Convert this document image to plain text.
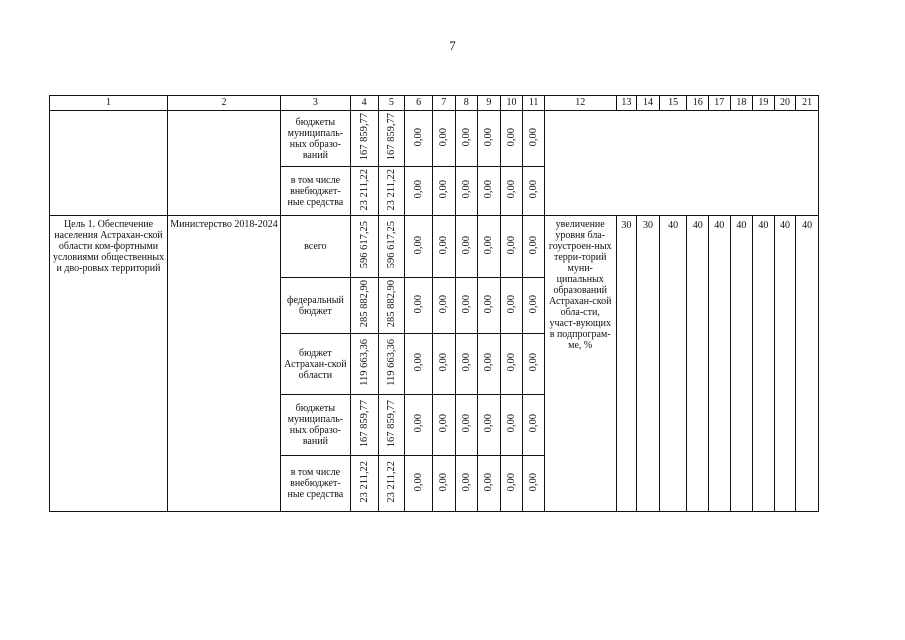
7
1	2	3	4	5	6	7	8	9	10	11	12	13	14	15	16	17	18	19	20	21
		бюджеты муниципаль-ных образо-ваний	167 859,77	167 859,77	0,00	0,00	0,00	0,00	0,00	0,00										
		в том числе внебюджет-ные средства	23 211,22	23 211,22	0,00	0,00	0,00	0,00	0,00	0,00										
Цель 1. Обеспечение населения Астрахан-ской области ком-фортными условиями общественных и дво-ровых территорий	Министерство 2018-2024	всего	596 617,25	596 617,25	0,00	0,00	0,00	0,00	0,00	0,00	увеличение уровня бла-гоустроен-ных терри-торий муни-ципальных образований Астрахан-ской обла-сти, участ-вующих в подпрограм-ме, %	30	30	40	40	40	40	40	40	40
		федеральный бюджет	285 882,90	285 882,90	0,00	0,00	0,00	0,00	0,00	0,00										
		бюджет Астрахан-ской области	119 663,36	119 663,36	0,00	0,00	0,00	0,00	0,00	0,00										
		бюджеты муниципаль-ных образо-ваний	167 859,77	167 859,77	0,00	0,00	0,00	0,00	0,00	0,00										
		в том числе внебюджет-ные средства	23 211,22	23 211,22	0,00	0,00	0,00	0,00	0,00	0,00										
